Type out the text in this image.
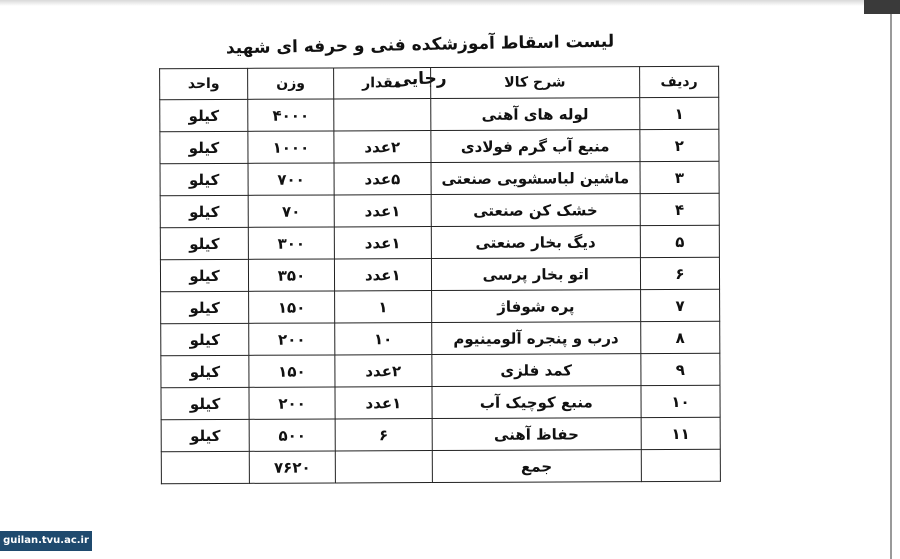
لیست اسقاط آموزشکده فنی و حرفه ای شهید رجایی	ردیف	شرح کالا	مقدار	وزن	واحد
۱	لوله های آهنی		۴۰۰۰	کیلو
۲	منبع آب گرم فولادی	۲عدد	۱۰۰۰	کیلو
۳	ماشین لباسشویی صنعتی	۵عدد	۷۰۰	کیلو
۴	خشک کن صنعتی	۱عدد	۷۰	کیلو
۵	دیگ بخار صنعتی	۱عدد	۳۰۰	کیلو
۶	اتو بخار پرسی	۱عدد	۳۵۰	کیلو
۷	پره شوفاژ	۱	۱۵۰	کیلو
۸	درب و پنجره آلومینیوم	۱۰	۲۰۰	کیلو
۹	کمد فلزی	۲عدد	۱۵۰	کیلو
۱۰	منبع کوچیک آب	۱عدد	۲۰۰	کیلو
۱۱	حفاظ آهنی	۶	۵۰۰	کیلو
	جمع		۷۶۲۰	
guilan.tvu.ac.ir
